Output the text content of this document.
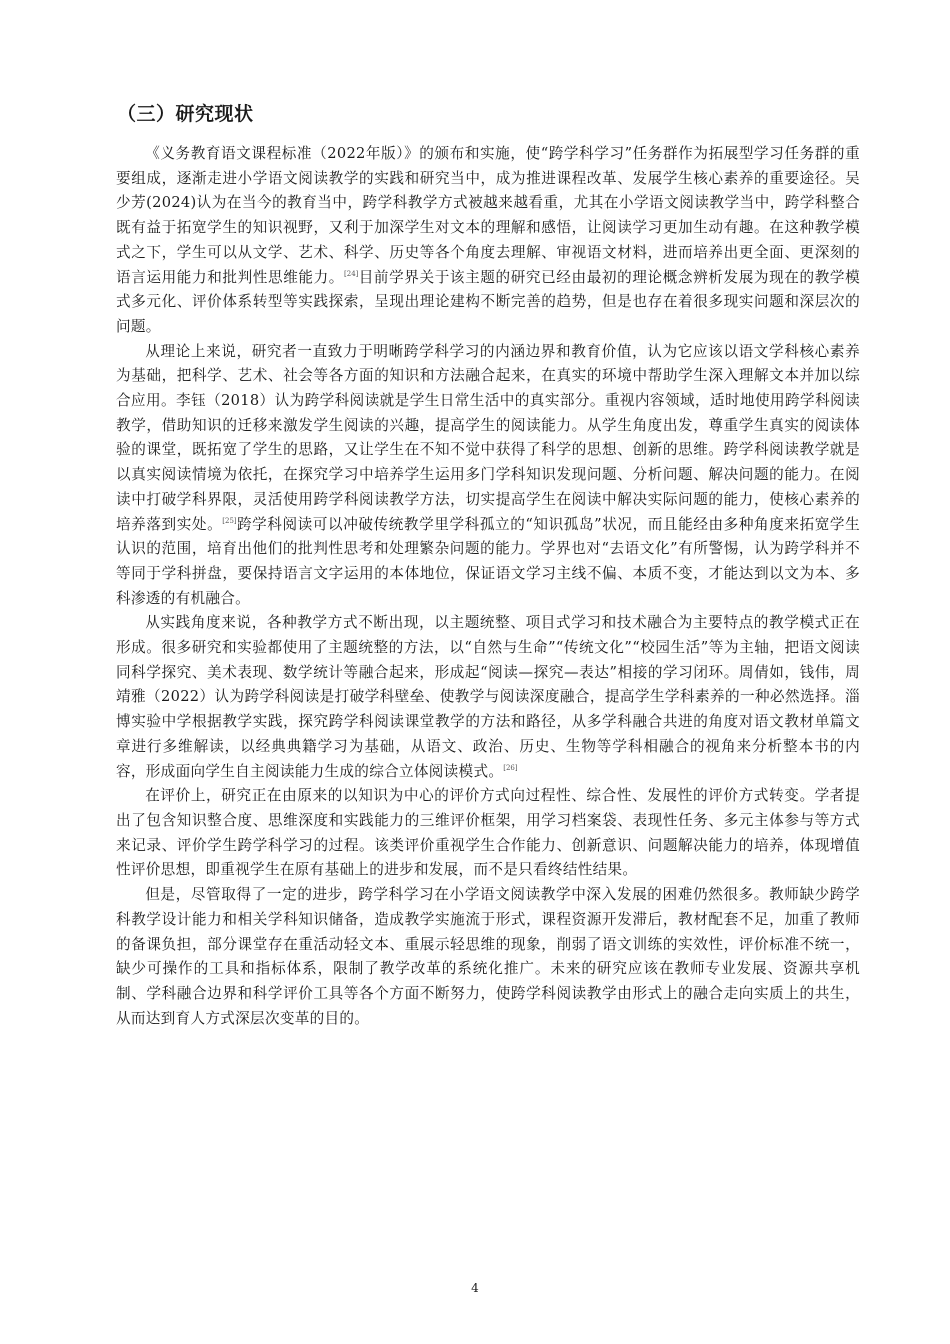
（三）研究现状

《义务教育语文课程标准（2022年版）》的颁布和实施，使“跨学科学习”任务群作为拓展型学习任务群的重要组成，逐渐走进小学语文阅读教学的实践和研究当中，成为推进课程改革、发展学生核心素养的重要途径。吴少芳(2024)认为在当今的教育当中，跨学科教学方式被越来越看重，尤其在小学语文阅读教学当中，跨学科整合既有益于拓宽学生的知识视野，又利于加深学生对文本的理解和感悟，让阅读学习更加生动有趣。在这种教学模式之下，学生可以从文学、艺术、科学、历史等各个角度去理解、审视语文材料，进而培养出更全面、更深刻的语言运用能力和批判性思维能力。[24]目前学界关于该主题的研究已经由最初的理论概念辨析发展为现在的教学模式多元化、评价体系转型等实践探索，呈现出理论建构不断完善的趋势，但是也存在着很多现实问题和深层次的问题。

从理论上来说，研究者一直致力于明晰跨学科学习的内涵边界和教育价值，认为它应该以语文学科核心素养为基础，把科学、艺术、社会等各方面的知识和方法融合起来，在真实的环境中帮助学生深入理解文本并加以综合应用。李钰（2018）认为跨学科阅读就是学生日常生活中的真实部分。重视内容领域，适时地使用跨学科阅读教学，借助知识的迁移来激发学生阅读的兴趣，提高学生的阅读能力。从学生角度出发，尊重学生真实的阅读体验的课堂，既拓宽了学生的思路，又让学生在不知不觉中获得了科学的思想、创新的思维。跨学科阅读教学就是以真实阅读情境为依托，在探究学习中培养学生运用多门学科知识发现问题、分析问题、解决问题的能力。在阅读中打破学科界限，灵活使用跨学科阅读教学方法，切实提高学生在阅读中解决实际问题的能力，使核心素养的培养落到实处。[25]跨学科阅读可以冲破传统教学里学科孤立的“知识孤岛”状况，而且能经由多种角度来拓宽学生认识的范围，培育出他们的批判性思考和处理繁杂问题的能力。学界也对“去语文化”有所警惕，认为跨学科并不等同于学科拼盘，要保持语言文字运用的本体地位，保证语文学习主线不偏、本质不变，才能达到以文为本、多科渗透的有机融合。

从实践角度来说，各种教学方式不断出现，以主题统整、项目式学习和技术融合为主要特点的教学模式正在形成。很多研究和实验都使用了主题统整的方法，以“自然与生命”“传统文化”“校园生活”等为主轴，把语文阅读同科学探究、美术表现、数学统计等融合起来，形成起“阅读—探究—表达”相接的学习闭环。周倩如，钱伟，周靖雅（2022）认为跨学科阅读是打破学科壁垒、使教学与阅读深度融合，提高学生学科素养的一种必然选择。淄博实验中学根据教学实践，探究跨学科阅读课堂教学的方法和路径，从多学科融合共进的角度对语文教材单篇文章进行多维解读，以经典典籍学习为基础，从语文、政治、历史、生物等学科相融合的视角来分析整本书的内容，形成面向学生自主阅读能力生成的综合立体阅读模式。[26]

在评价上，研究正在由原来的以知识为中心的评价方式向过程性、综合性、发展性的评价方式转变。学者提出了包含知识整合度、思维深度和实践能力的三维评价框架，用学习档案袋、表现性任务、多元主体参与等方式来记录、评价学生跨学科学习的过程。该类评价重视学生合作能力、创新意识、问题解决能力的培养，体现增值性评价思想，即重视学生在原有基础上的进步和发展，而不是只看终结性结果。

但是，尽管取得了一定的进步，跨学科学习在小学语文阅读教学中深入发展的困难仍然很多。教师缺少跨学科教学设计能力和相关学科知识储备，造成教学实施流于形式，课程资源开发滞后，教材配套不足，加重了教师的备课负担，部分课堂存在重活动轻文本、重展示轻思维的现象，削弱了语文训练的实效性，评价标准不统一，缺少可操作的工具和指标体系，限制了教学改革的系统化推广。未来的研究应该在教师专业发展、资源共享机制、学科融合边界和科学评价工具等各个方面不断努力，使跨学科阅读教学由形式上的融合走向实质上的共生，从而达到育人方式深层次变革的目的。

4
